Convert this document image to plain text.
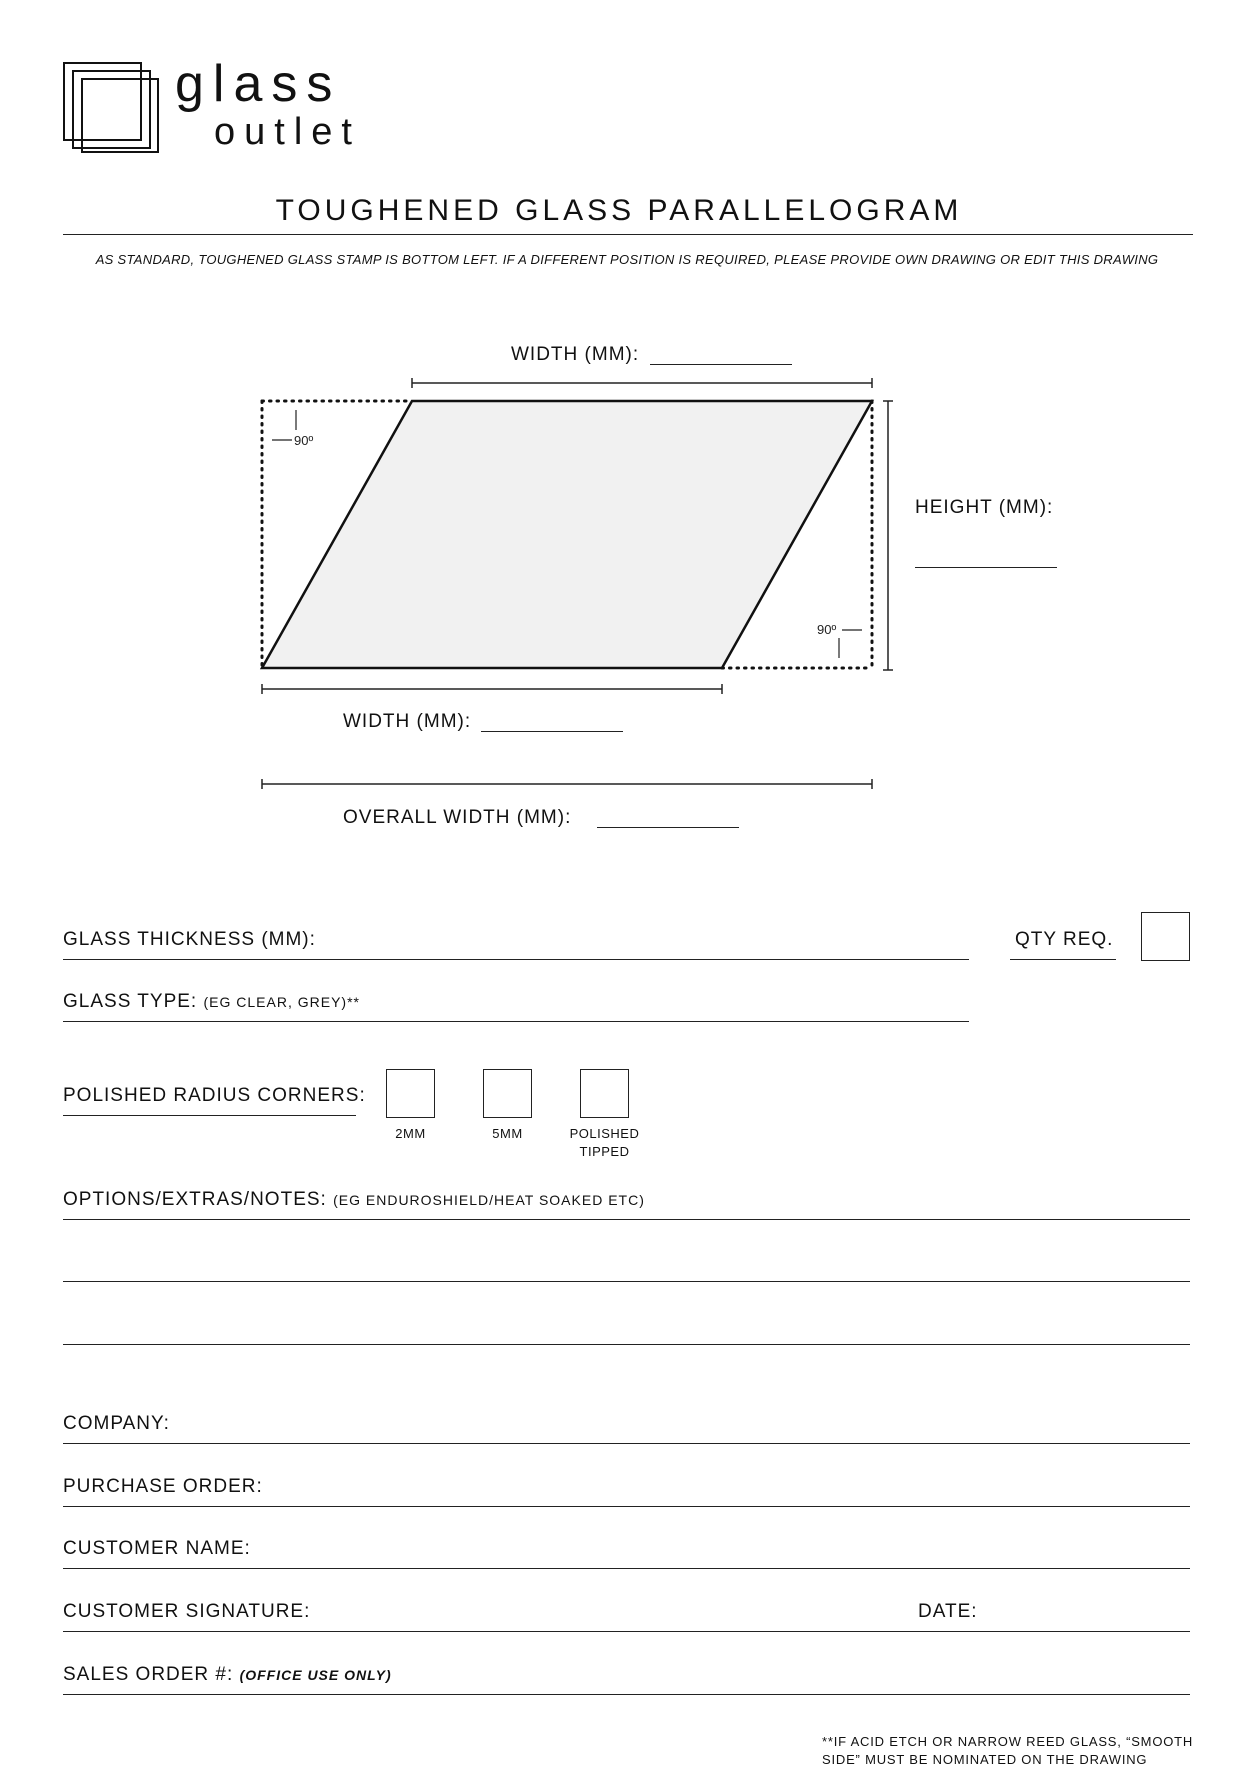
glass
outlet
TOUGHENED GLASS PARALLELOGRAM
AS STANDARD, TOUGHENED GLASS STAMP IS BOTTOM LEFT. IF A DIFFERENT POSITION IS REQUIRED, PLEASE PROVIDE OWN DRAWING OR EDIT THIS DRAWING
90º
90º
WIDTH (MM):
HEIGHT (MM):
WIDTH (MM):
OVERALL WIDTH (MM):
GLASS THICKNESS (MM):	QTY REQ.
GLASS TYPE: (EG CLEAR, GREY)**
POLISHED RADIUS CORNERS:
2MM	5MM	POLISHED
TIPPED
OPTIONS/EXTRAS/NOTES: (EG ENDUROSHIELD/HEAT SOAKED ETC)
COMPANY:
PURCHASE ORDER:
CUSTOMER NAME:
CUSTOMER SIGNATURE:	DATE:
SALES ORDER #: (OFFICE USE ONLY)
**IF ACID ETCH OR NARROW REED GLASS, “SMOOTH
SIDE” MUST BE NOMINATED ON THE DRAWING
